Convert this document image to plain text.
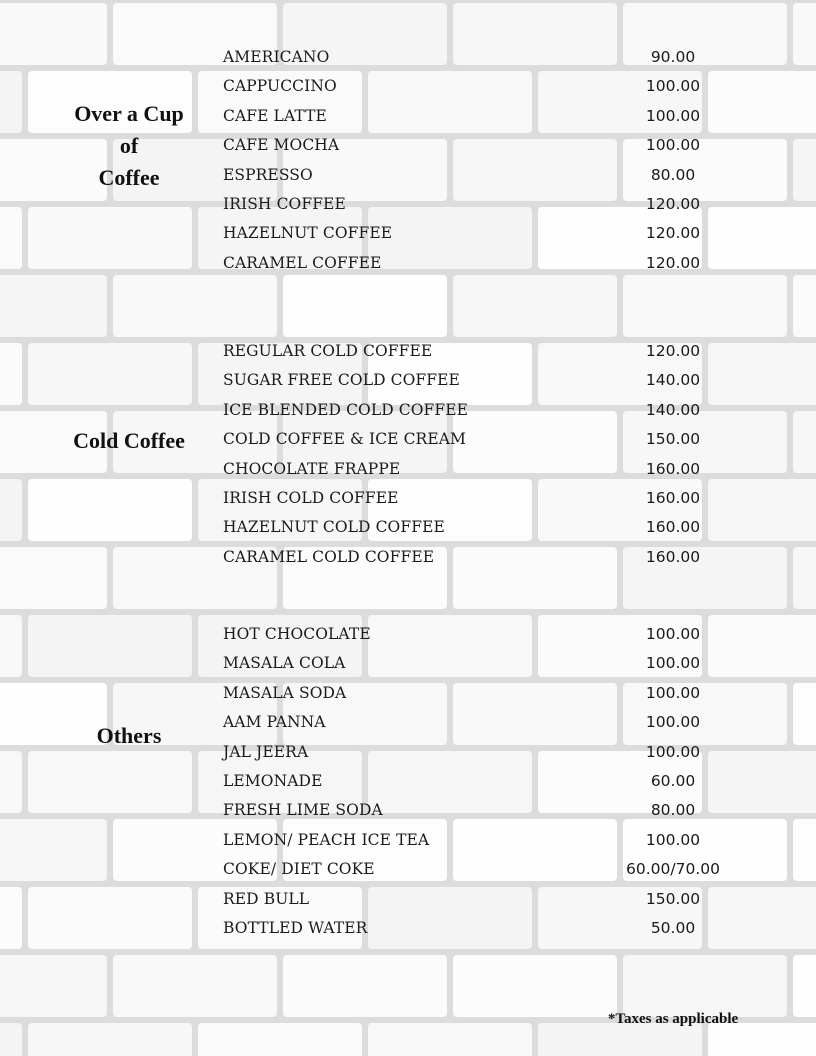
Over a Cup
of
Coffee
AMERICANO	90.00
CAPPUCCINO	100.00
CAFE LATTE	100.00
CAFE MOCHA	100.00
ESPRESSO	80.00
IRISH COFFEE	120.00
HAZELNUT COFFEE	120.00
CARAMEL COFFEE	120.00
Cold Coffee
REGULAR COLD COFFEE	120.00
SUGAR FREE COLD COFFEE	140.00
ICE BLENDED COLD COFFEE	140.00
COLD COFFEE & ICE CREAM	150.00
CHOCOLATE FRAPPE	160.00
IRISH COLD COFFEE	160.00
HAZELNUT COLD COFFEE	160.00
CARAMEL COLD COFFEE	160.00
Others
HOT CHOCOLATE	100.00
MASALA COLA	100.00
MASALA SODA	100.00
AAM PANNA	100.00
JAL JEERA	100.00
LEMONADE	60.00
FRESH LIME SODA	80.00
LEMON/ PEACH ICE TEA	100.00
COKE/ DIET COKE	60.00/70.00
RED BULL	150.00
BOTTLED WATER	50.00
*Taxes as applicable
